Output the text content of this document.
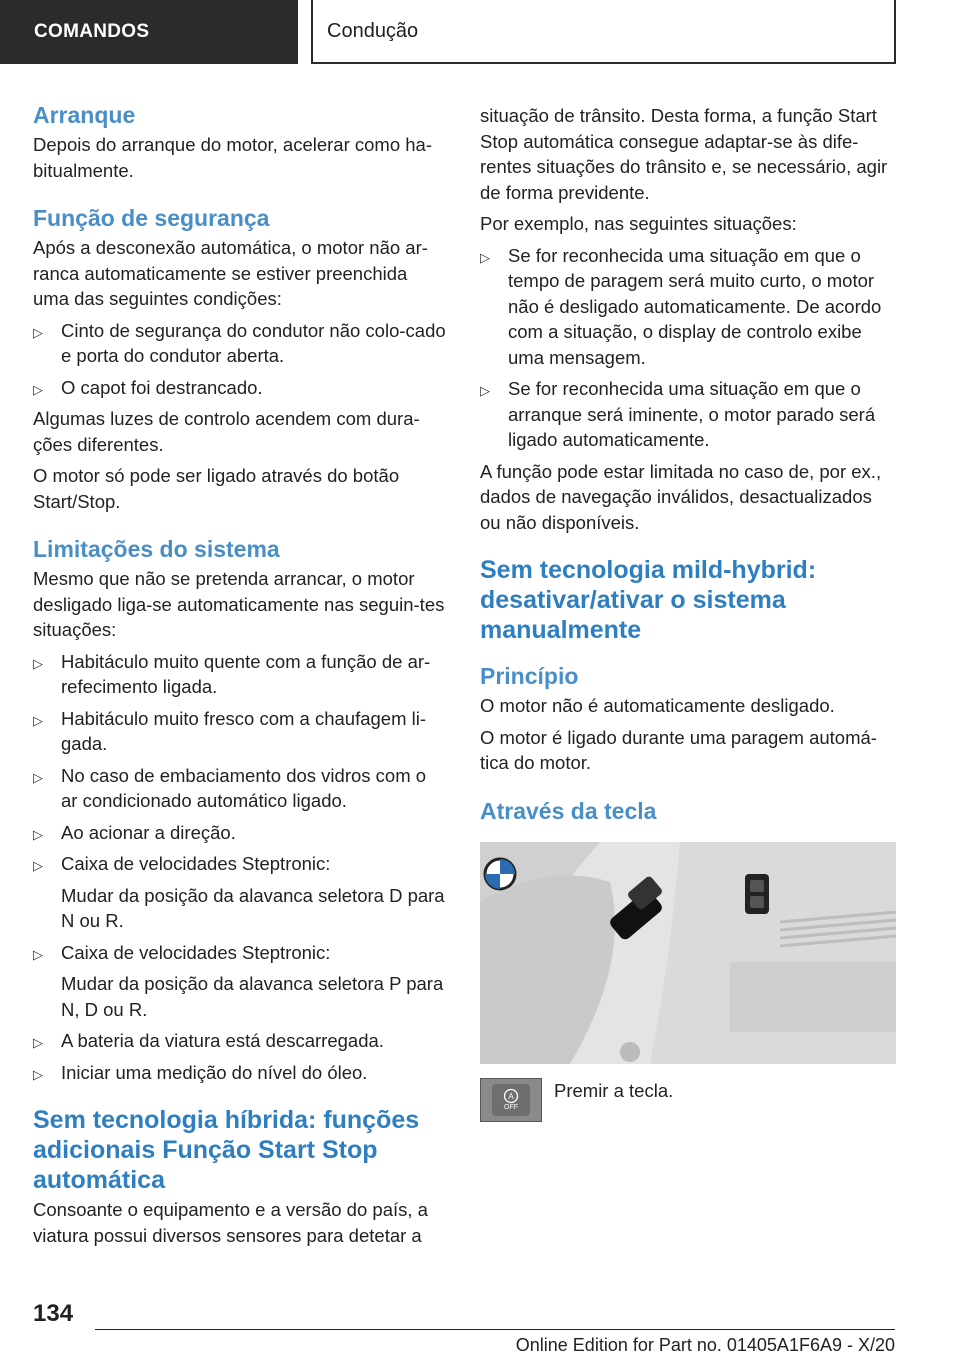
COMANDOS	Condução
Arranque

Depois do arranque do motor, acelerar como ha-bitualmente.

Função de segurança

Após a desconexão automática, o motor não ar-ranca automaticamente se estiver preenchida uma das seguintes condições:

▷ Cinto de segurança do condutor não colo-cado e porta do condutor aberta.
▷ O capot foi destrancado.

Algumas luzes de controlo acendem com dura-ções diferentes.

O motor só pode ser ligado através do botão Start/Stop.

Limitações do sistema

Mesmo que não se pretenda arrancar, o motor desligado liga-se automaticamente nas seguin-tes situações:

▷ Habitáculo muito quente com a função de ar-refecimento ligada.
▷ Habitáculo muito fresco com a chaufagem li-gada.
▷ No caso de embaciamento dos vidros com o ar condicionado automático ligado.
▷ Ao acionar a direção.
▷ Caixa de velocidades Steptronic:
Mudar da posição da alavanca seletora D para N ou R.
▷ Caixa de velocidades Steptronic:
Mudar da posição da alavanca seletora P para N, D ou R.
▷ A bateria da viatura está descarregada.
▷ Iniciar uma medição do nível do óleo.
Sem tecnologia híbrida: funções adicionais Função Start Stop automática

Consoante o equipamento e a versão do país, a viatura possui diversos sensores para detetar a

situação de trânsito. Desta forma, a função Start Stop automática consegue adaptar-se às dife-rentes situações do trânsito e, se necessário, agir de forma previdente.

Por exemplo, nas seguintes situações:

▷ Se for reconhecida uma situação em que o tempo de paragem será muito curto, o motor não é desligado automaticamente. De acordo com a situação, o display de controlo exibe uma mensagem.
▷ Se for reconhecida uma situação em que o arranque será iminente, o motor parado será ligado automaticamente.

A função pode estar limitada no caso de, por ex., dados de navegação inválidos, desactualizados ou não disponíveis.

Sem tecnologia mild-hybrid: desativar/ativar o sistema manualmente
Princípio

O motor não é automaticamente desligado.

O motor é ligado durante uma paragem automá-tica do motor.

Através da tecla
A
OFF

Premir a tecla.

134
Online Edition for Part no. 01405A1F6A9 - X/20
